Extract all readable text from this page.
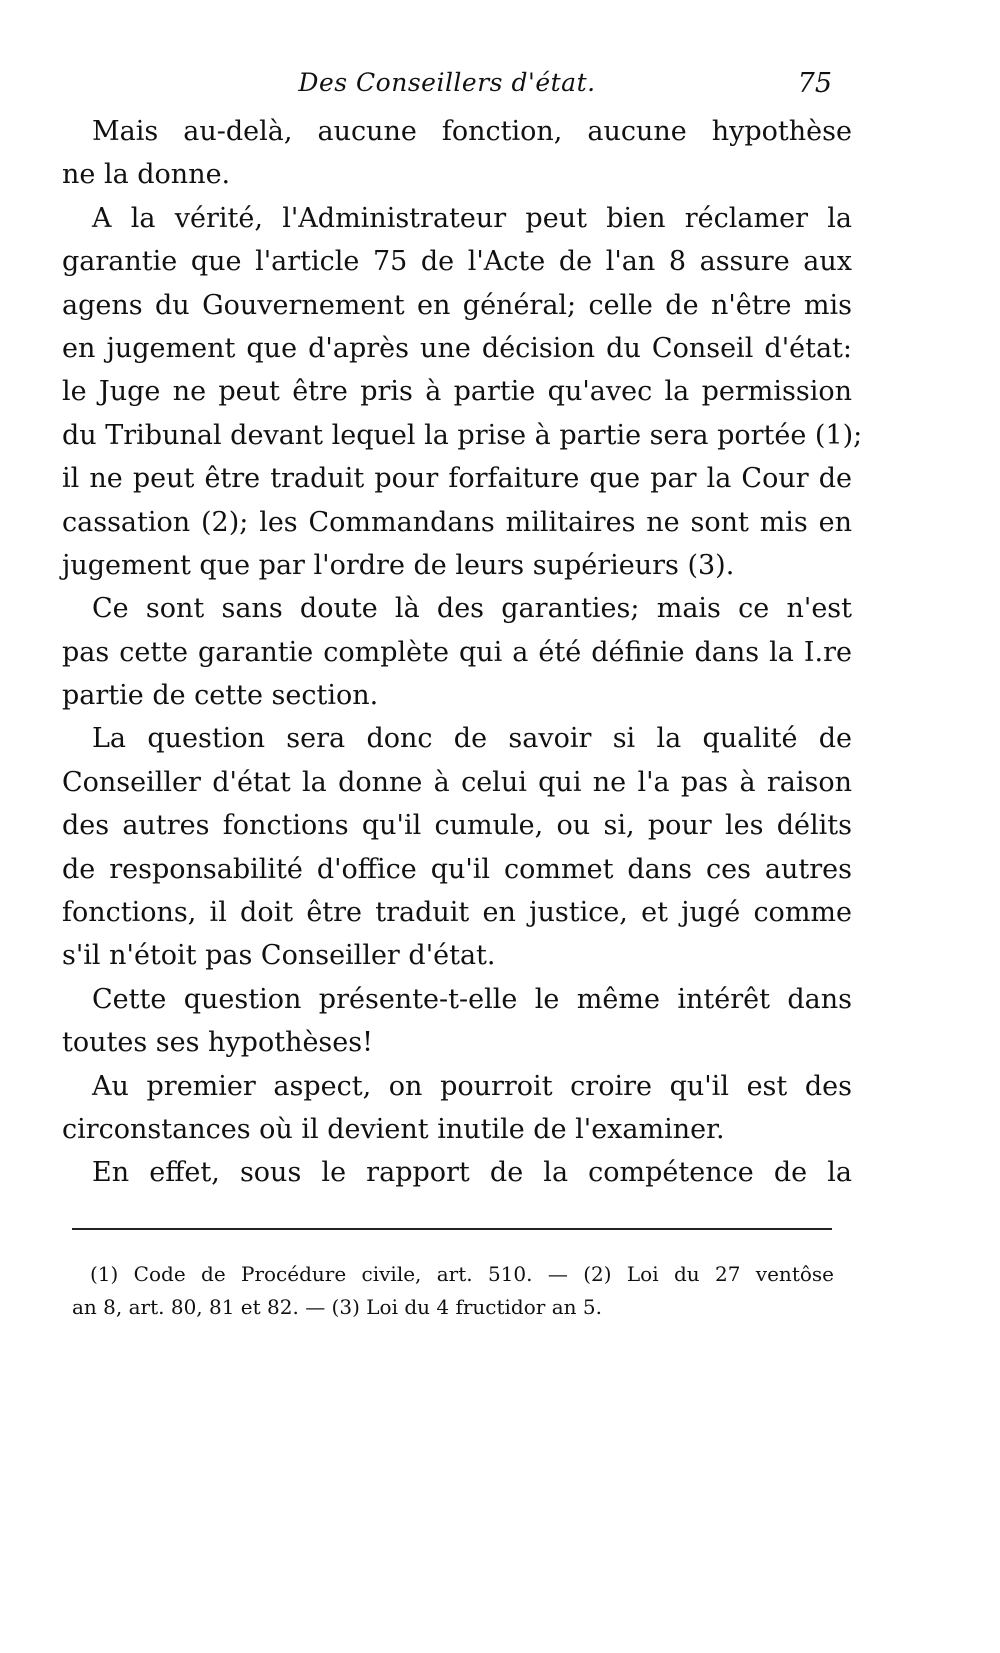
Des Conseillers d'état.	75
Mais au-delà, aucune fonction, aucune hypothèse
ne la donne.
A la vérité, l'Administrateur peut bien réclamer la
garantie que l'article 75 de l'Acte de l'an 8 assure aux
agens du Gouvernement en général; celle de n'être mis
en jugement que d'après une décision du Conseil d'état:
le Juge ne peut être pris à partie qu'avec la permission
du Tribunal devant lequel la prise à partie sera portée (1);
il ne peut être traduit pour forfaiture que par la Cour de
cassation (2); les Commandans militaires ne sont mis en
jugement que par l'ordre de leurs supérieurs (3).
Ce sont sans doute là des garanties; mais ce n'est
pas cette garantie complète qui a été définie dans la I.re
partie de cette section.
La question sera donc de savoir si la qualité de
Conseiller d'état la donne à celui qui ne l'a pas à raison
des autres fonctions qu'il cumule, ou si, pour les délits
de responsabilité d'office qu'il commet dans ces autres
fonctions, il doit être traduit en justice, et jugé comme
s'il n'étoit pas Conseiller d'état.
Cette question présente-t-elle le même intérêt dans
toutes ses hypothèses!
Au premier aspect, on pourroit croire qu'il est des
circonstances où il devient inutile de l'examiner.
En effet, sous le rapport de la compétence de la
(1) Code de Procédure civile, art. 510. — (2) Loi du 27 ventôse
an 8, art. 80, 81 et 82. — (3) Loi du 4 fructidor an 5.
